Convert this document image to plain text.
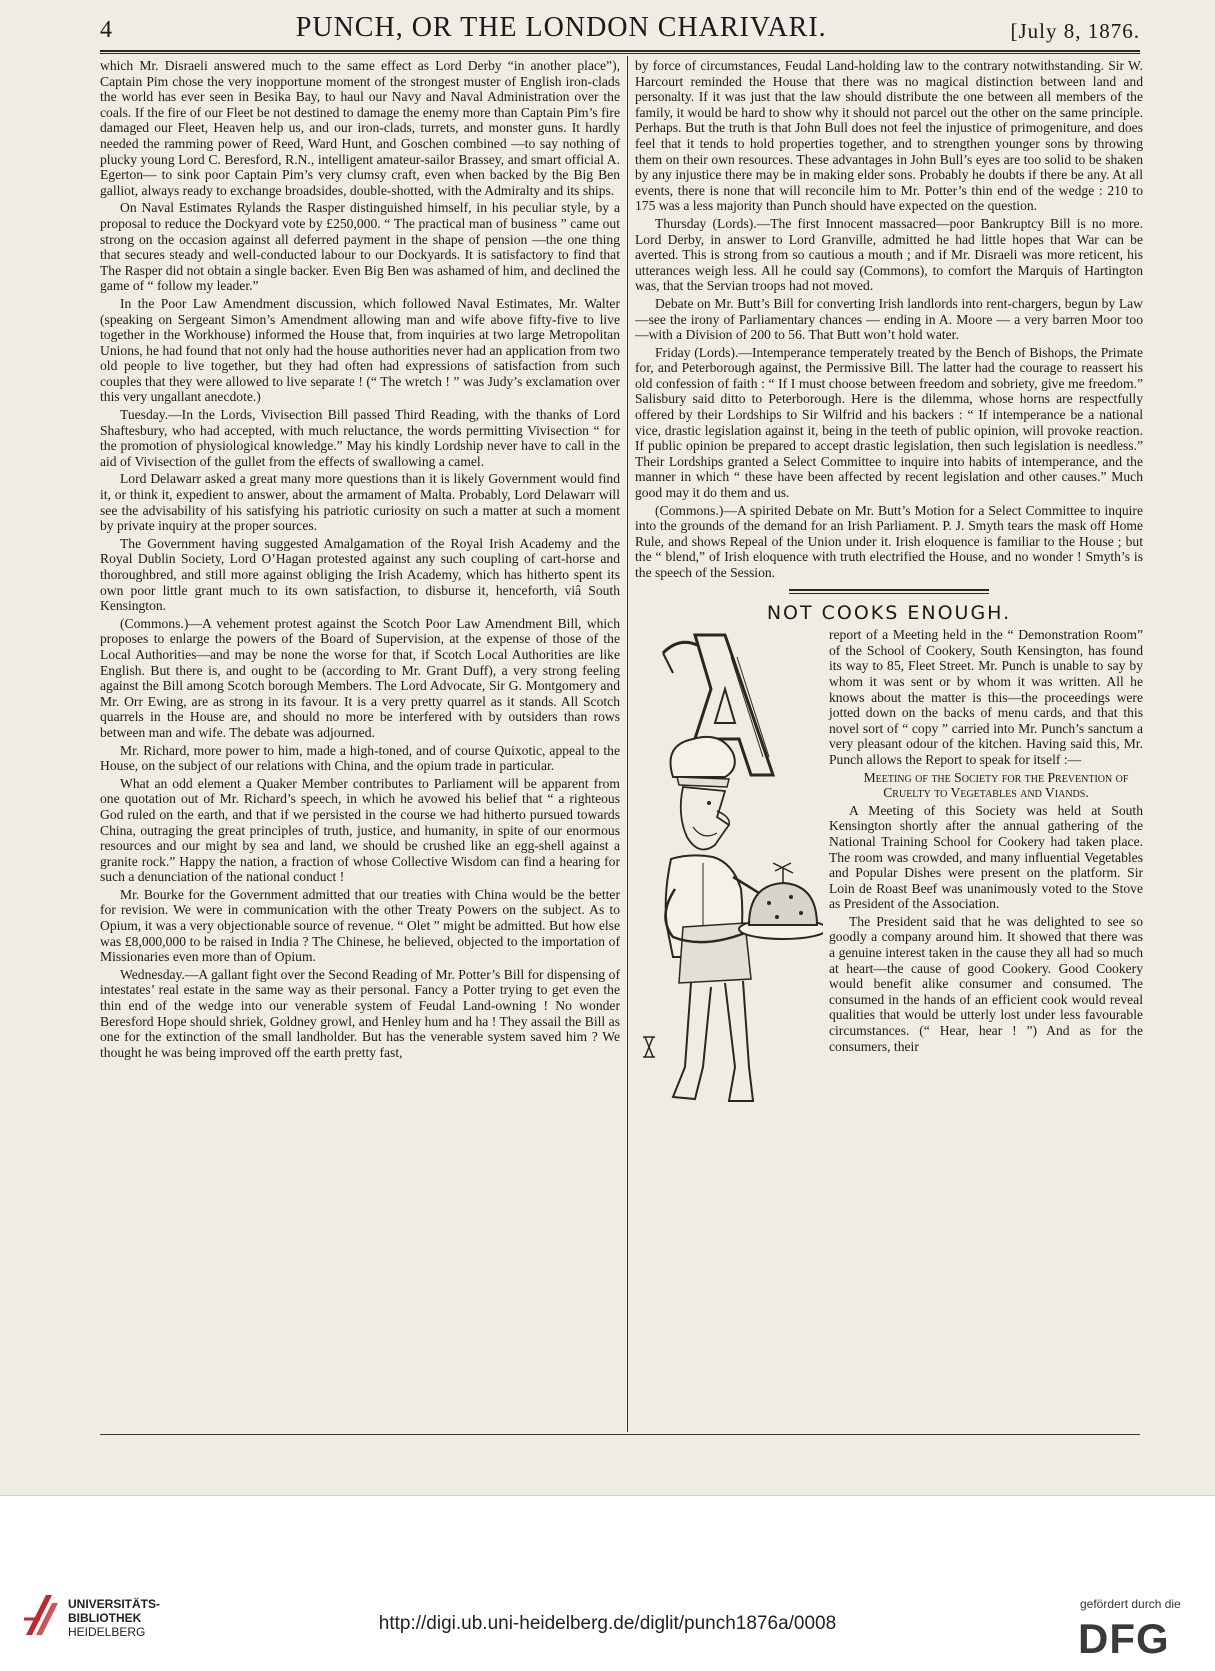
4	PUNCH, OR THE LONDON CHARIVARI.	[July 8, 1876.

which Mr. Disraeli answered much to the same effect as Lord Derby “in another place”), Captain Pim chose the very inopportune moment of the strongest muster of English iron-clads the world has ever seen in Besika Bay, to haul our Navy and Naval Administration over the coals. If the fire of our Fleet be not destined to damage the enemy more than Captain Pim’s fire damaged our Fleet, Heaven help us, and our iron-clads, turrets, and monster guns. It hardly needed the ramming power of Reed, Ward Hunt, and Goschen combined —to say nothing of plucky young Lord C. Beresford, R.N., intelligent amateur-sailor Brassey, and smart official A. Egerton— to sink poor Captain Pim’s very clumsy craft, even when backed by the Big Ben galliot, always ready to exchange broadsides, double-shotted, with the Admiralty and its ships.

On Naval Estimates Rylands the Rasper distinguished himself, in his peculiar style, by a proposal to reduce the Dockyard vote by £250,000. “ The practical man of business ” came out strong on the occasion against all deferred payment in the shape of pension —the one thing that secures steady and well-conducted labour to our Dockyards. It is satisfactory to find that The Rasper did not obtain a single backer. Even Big Ben was ashamed of him, and declined the game of “ follow my leader.”

In the Poor Law Amendment discussion, which followed Naval Estimates, Mr. Walter (speaking on Sergeant Simon’s Amendment allowing man and wife above fifty-five to live together in the Workhouse) informed the House that, from inquiries at two large Metropolitan Unions, he had found that not only had the house authorities never had an application from two old people to live together, but they had often had expressions of satisfaction from such couples that they were allowed to live separate ! (“ The wretch ! ” was Judy’s exclamation over this very ungallant anecdote.)

Tuesday.—In the Lords, Vivisection Bill passed Third Reading, with the thanks of Lord Shaftesbury, who had accepted, with much reluctance, the words permitting Vivisection “ for the promotion of physiological knowledge.” May his kindly Lordship never have to call in the aid of Vivisection of the gullet from the effects of swallowing a camel.

Lord Delawarr asked a great many more questions than it is likely Government would find it, or think it, expedient to answer, about the armament of Malta. Probably, Lord Delawarr will see the advisability of his satisfying his patriotic curiosity on such a matter at such a moment by private inquiry at the proper sources.

The Government having suggested Amalgamation of the Royal Irish Academy and the Royal Dublin Society, Lord O’Hagan protested against any such coupling of cart-horse and thoroughbred, and still more against obliging the Irish Academy, which has hitherto spent its own poor little grant much to its own satisfaction, to disburse it, henceforth, viâ South Kensington.

(Commons.)—A vehement protest against the Scotch Poor Law Amendment Bill, which proposes to enlarge the powers of the Board of Supervision, at the expense of those of the Local Authorities—and may be none the worse for that, if Scotch Local Authorities are like English. But there is, and ought to be (according to Mr. Grant Duff), a very strong feeling against the Bill among Scotch borough Members. The Lord Advocate, Sir G. Montgomery and Mr. Orr Ewing, are as strong in its favour. It is a very pretty quarrel as it stands. All Scotch quarrels in the House are, and should no more be interfered with by outsiders than rows between man and wife. The debate was adjourned.

Mr. Richard, more power to him, made a high-toned, and of course Quixotic, appeal to the House, on the subject of our relations with China, and the opium trade in particular.

What an odd element a Quaker Member contributes to Parliament will be apparent from one quotation out of Mr. Richard’s speech, in which he avowed his belief that “ a righteous God ruled on the earth, and that if we persisted in the course we had hitherto pursued towards China, outraging the great principles of truth, justice, and humanity, in spite of our enormous resources and our might by sea and land, we should be crushed like an egg-shell against a granite rock.” Happy the nation, a fraction of whose Collective Wisdom can find a hearing for such a denunciation of the national conduct !

Mr. Bourke for the Government admitted that our treaties with China would be the better for revision. We were in communication with the other Treaty Powers on the subject. As to Opium, it was a very objectionable source of revenue. “ Olet ” might be admitted. But how else was £8,000,000 to be raised in India ? The Chinese, he believed, objected to the importation of Missionaries even more than of Opium.

Wednesday.—A gallant fight over the Second Reading of Mr. Potter’s Bill for dispensing of intestates’ real estate in the same way as their personal. Fancy a Potter trying to get even the thin end of the wedge into our venerable system of Feudal Land-owning ! No wonder Beresford Hope should shriek, Goldney growl, and Henley hum and ha ! They assail the Bill as one for the extinction of the small landholder. But has the venerable system saved him ? We thought he was being improved off the earth pretty fast,

by force of circumstances, Feudal Land-holding law to the contrary notwithstanding. Sir W. Harcourt reminded the House that there was no magical distinction between land and personalty. If it was just that the law should distribute the one between all members of the family, it would be hard to show why it should not parcel out the other on the same principle. Perhaps. But the truth is that John Bull does not feel the injustice of primogeniture, and does feel that it tends to hold properties together, and to strengthen younger sons by throwing them on their own resources. These advantages in John Bull’s eyes are too solid to be shaken by any injustice there may be in making elder sons. Probably he doubts if there be any. At all events, there is none that will reconcile him to Mr. Potter’s thin end of the wedge : 210 to 175 was a less majority than Punch should have expected on the question.

Thursday (Lords).—The first Innocent massacred—poor Bankruptcy Bill is no more. Lord Derby, in answer to Lord Granville, admitted he had little hopes that War can be averted. This is strong from so cautious a mouth ; and if Mr. Disraeli was more reticent, his utterances weigh less. All he could say (Commons), to comfort the Marquis of Hartington was, that the Servian troops had not moved.

Debate on Mr. Butt’s Bill for converting Irish landlords into rent-chargers, begun by Law—see the irony of Parliamentary chances — ending in A. Moore — a very barren Moor too—with a Division of 200 to 56. That Butt won’t hold water.

Friday (Lords).—Intemperance temperately treated by the Bench of Bishops, the Primate for, and Peterborough against, the Permissive Bill. The latter had the courage to reassert his old confession of faith : “ If I must choose between freedom and sobriety, give me freedom.” Salisbury said ditto to Peterborough. Here is the dilemma, whose horns are respectfully offered by their Lordships to Sir Wilfrid and his backers : “ If intemperance be a national vice, drastic legislation against it, being in the teeth of public opinion, will provoke reaction. If public opinion be prepared to accept drastic legislation, then such legislation is needless.” Their Lordships granted a Select Committee to inquire into habits of intemperance, and the manner in which “ these have been affected by recent legislation and other causes.” Much good may it do them and us.

(Commons.)—A spirited Debate on Mr. Butt’s Motion for a Select Committee to inquire into the grounds of the demand for an Irish Parliament. P. J. Smyth tears the mask off Home Rule, and shows Repeal of the Union under it. Irish eloquence is familiar to the House ; but the “ blend,” of Irish eloquence with truth electrified the House, and no wonder ! Smyth’s is the speech of the Session.

NOT COOKS ENOUGH.

report of a Meeting held in the “ Demonstration Room” of the School of Cookery, South Kensington, has found its way to 85, Fleet Street. Mr. Punch is unable to say by whom it was sent or by whom it was written. All he knows about the matter is this—the proceedings were jotted down on the backs of menu cards, and that this novel sort of “ copy ” carried into Mr. Punch’s sanctum a very pleasant odour of the kitchen. Having said this, Mr. Punch allows the Report to speak for itself :—

Meeting of the Society for the Prevention of Cruelty to Vegetables and Viands.

A Meeting of this Society was held at South Kensington shortly after the annual gathering of the National Training School for Cookery had taken place. The room was crowded, and many influential Vegetables and Popular Dishes were present on the platform. Sir Loin de Roast Beef was unanimously voted to the Stove as President of the Association.

The President said that he was delighted to see so goodly a company around him. It showed that there was a genuine interest taken in the cause they all had so much at heart—the cause of good Cookery. Good Cookery would benefit alike consumer and consumed. The consumed in the hands of an efficient cook would reveal qualities that would be utterly lost under less favourable circumstances. (“ Hear, hear ! ”) And as for the consumers, their

UNIVERSITÄTS-
BIBLIOTHEK
HEIDELBERG	http://digi.ub.uni-heidelberg.de/diglit/punch1876a/0008
gefördert durch die
DFG
